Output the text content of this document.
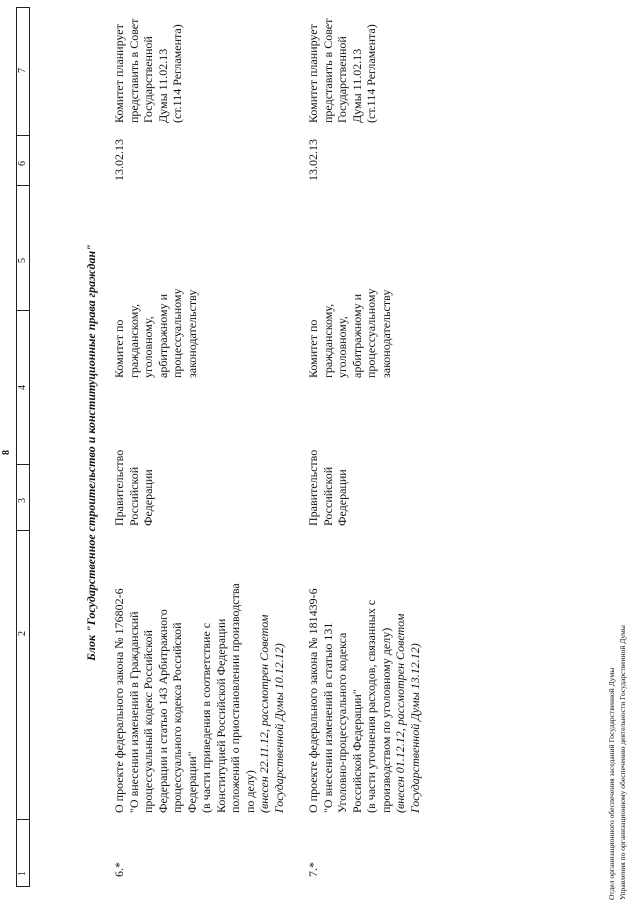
8
1
2
3
4
5
6
7
Блок "Государственное строительство и конституционные права граждан"
6.*
О проекте федерального закона № 176802-6 "О внесении изменений в Гражданский процессуальный кодекс Российской Федерации и статью 143 Арбитражного процессуального кодекса Российской Федерации" (в части приведения в соответствие с Конституцией Российской Федерации положений о приостановлении производства по делу) (внесен 22.11.12, рассмотрен Советом Государственной Думы 10.12.12)
Правительство Российской Федерации
Комитет по гражданскому, уголовному, арбитражному и процессуальному законодательству
13.02.13
Комитет планирует представить в Совет Государственной Думы 11.02.13 (ст.114 Регламента)
7.*
О проекте федерального закона № 181439-6 "О внесении изменений в статью 131 Уголовно-процессуального кодекса Российской Федерации" (в части уточнения расходов, связанных с производством по уголовному делу) (внесен 01.12.12, рассмотрен Советом Государственной Думы 13.12.12)
Правительство Российской Федерации
Комитет по гражданскому, уголовному, арбитражному и процессуальному законодательству
13.02.13
Комитет планирует представить в Совет Государственной Думы 11.02.13 (ст.114 Регламента)
Отдел организационного обеспечения заседаний Государственной Думы Управления по организационному обеспечению деятельности Государственной Думы
